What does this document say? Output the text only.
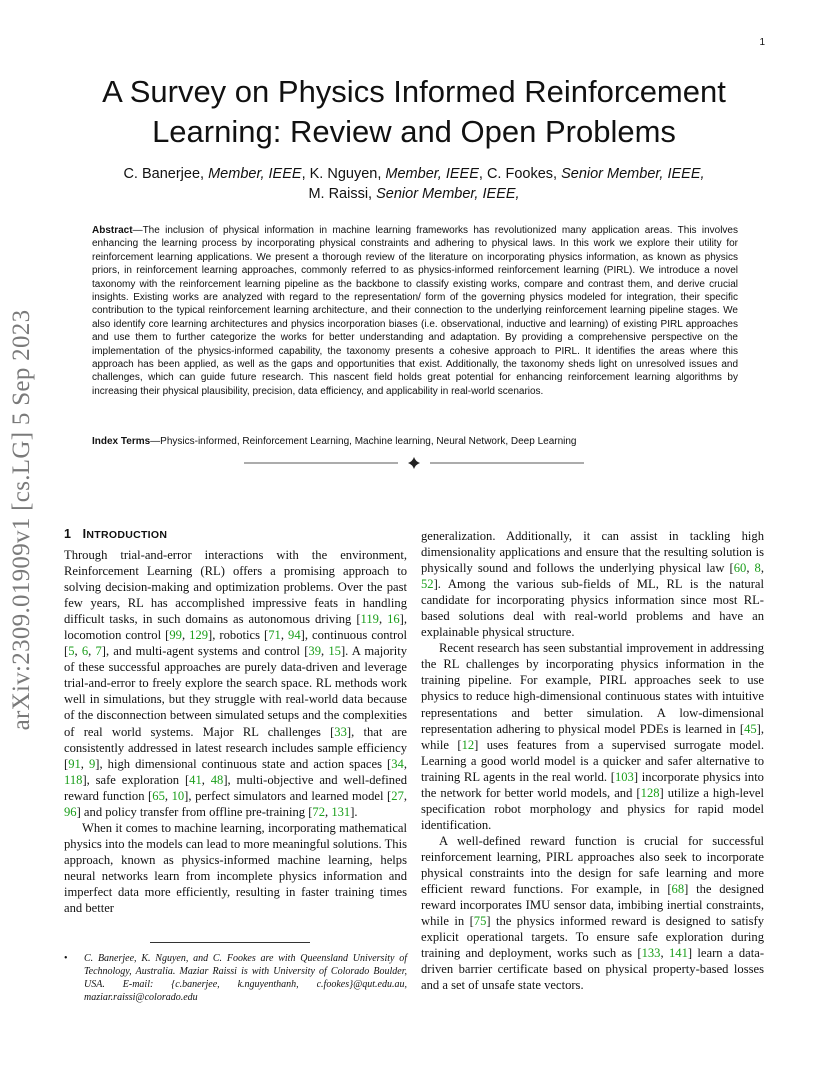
1
arXiv:2309.01909v1 [cs.LG] 5 Sep 2023
A Survey on Physics Informed Reinforcement
Learning: Review and Open Problems
C. Banerjee, Member, IEEE, K. Nguyen, Member, IEEE, C. Fookes, Senior Member, IEEE,
M. Raissi, Senior Member, IEEE,
Abstract—The inclusion of physical information in machine learning frameworks has revolutionized many application areas. This involves enhancing the learning process by incorporating physical constraints and adhering to physical laws. In this work we explore their utility for reinforcement learning applications. We present a thorough review of the literature on incorporating physics information, as known as physics priors, in reinforcement learning approaches, commonly referred to as physics-informed reinforcement learning (PIRL). We introduce a novel taxonomy with the reinforcement learning pipeline as the backbone to classify existing works, compare and contrast them, and derive crucial insights. Existing works are analyzed with regard to the representation/ form of the governing physics modeled for integration, their specific contribution to the typical reinforcement learning architecture, and their connection to the underlying reinforcement learning pipeline stages. We also identify core learning architectures and physics incorporation biases (i.e. observational, inductive and learning) of existing PIRL approaches and use them to further categorize the works for better understanding and adaptation. By providing a comprehensive perspective on the implementation of the physics-informed capability, the taxonomy presents a cohesive approach to PIRL. It identifies the areas where this approach has been applied, as well as the gaps and opportunities that exist. Additionally, the taxonomy sheds light on unresolved issues and challenges, which can guide future research. This nascent field holds great potential for enhancing reinforcement learning algorithms by increasing their physical plausibility, precision, data efficiency, and applicability in real-world scenarios.
Index Terms—Physics-informed, Reinforcement Learning, Machine learning, Neural Network, Deep Learning
1 INTRODUCTION

Through trial-and-error interactions with the environment, Reinforcement Learning (RL) offers a promising approach to solving decision-making and optimization problems. Over the past few years, RL has accomplished impressive feats in handling difficult tasks, in such domains as autonomous driving [119, 16], locomotion control [99, 129], robotics [71, 94], continuous control [5, 6, 7], and multi-agent systems and control [39, 15]. A majority of these successful approaches are purely data-driven and leverage trial-and-error to freely explore the search space. RL methods work well in simulations, but they struggle with real-world data because of the disconnection between simulated setups and the complexities of real world systems. Major RL challenges [33], that are consistently addressed in latest research includes sample efficiency [91, 9], high dimensional continuous state and action spaces [34, 118], safe exploration [41, 48], multi-objective and well-defined reward function [65, 10], perfect simulators and learned model [27, 96] and policy transfer from offline pre-training [72, 131].

When it comes to machine learning, incorporating mathematical physics into the models can lead to more meaningful solutions. This approach, known as physics-informed machine learning, helps neural networks learn from incomplete physics information and imperfect data more efficiently, resulting in faster training times and better

generalization. Additionally, it can assist in tackling high dimensionality applications and ensure that the resulting solution is physically sound and follows the underlying physical law [60, 8, 52]. Among the various sub-fields of ML, RL is the natural candidate for incorporating physics information since most RL-based solutions deal with real-world problems and have an explainable physical structure.

Recent research has seen substantial improvement in addressing the RL challenges by incorporating physics information in the training pipeline. For example, PIRL approaches seek to use physics to reduce high-dimensional continuous states with intuitive representations and better simulation. A low-dimensional representation adhering to physical model PDEs is learned in [45], while [12] uses features from a supervised surrogate model. Learning a good world model is a quicker and safer alternative to training RL agents in the real world. [103] incorporate physics into the network for better world models, and [128] utilize a high-level specification robot morphology and physics for rapid model identification.

A well-defined reward function is crucial for successful reinforcement learning, PIRL approaches also seek to incorporate physical constraints into the design for safe learning and more efficient reward functions. For example, in [68] the designed reward incorporates IMU sensor data, imbibing inertial constraints, while in [75] the physics informed reward is designed to satisfy explicit operational targets. To ensure safe exploration during training and deployment, works such as [133, 141] learn a data-driven barrier certificate based on physical property-based losses and a set of unsafe state vectors.

• C. Banerjee, K. Nguyen, and C. Fookes are with Queensland University of Technology, Australia. Maziar Raissi is with University of Colorado Boulder, USA. E-mail: {c.banerjee, k.nguyenthanh, c.fookes}@qut.edu.au, maziar.raissi@colorado.edu
